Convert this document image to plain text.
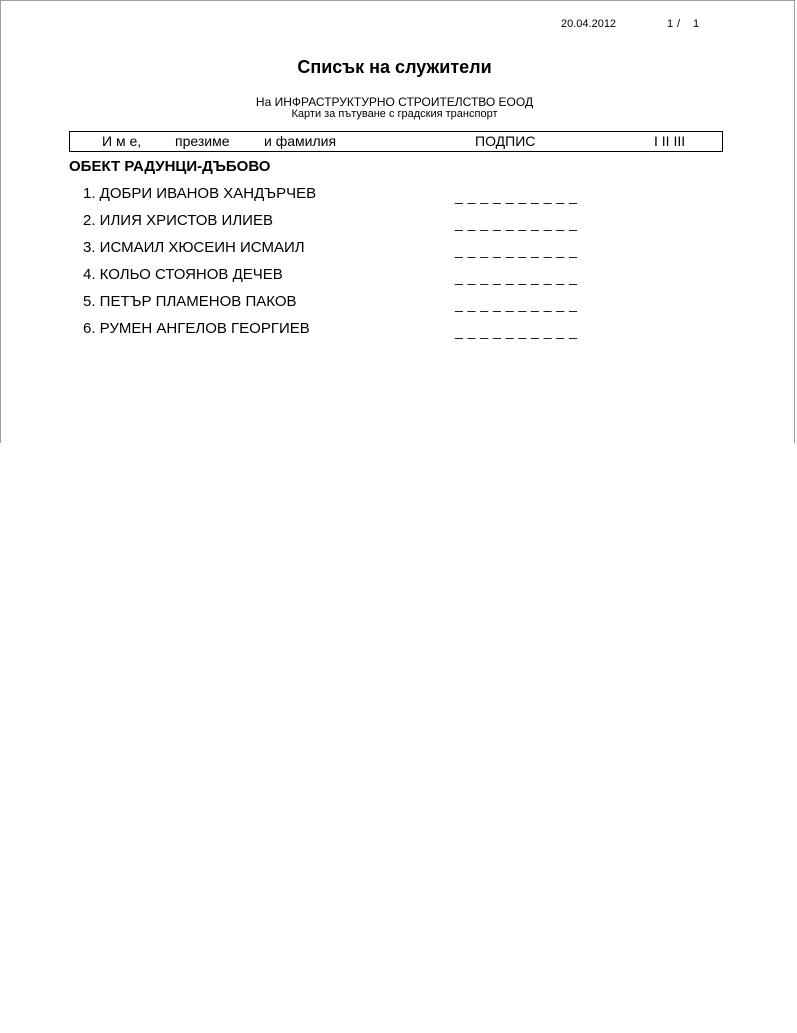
20.04.2012	1 / 1
Списък на служители
На ИНФРАСТРУКТУРНО СТРОИТЕЛСТВО ЕООД
Карти за пътуване с градския транспорт
И м е, презиме и фамилия	ПОДПИС	I II III
ОБЕКТ РАДУНЦИ-ДЪБОВО
1. ДОБРИ ИВАНОВ ХАНДЪРЧЕВ	_ _ _ _ _ _ _ _ _ _
2. ИЛИЯ ХРИСТОВ ИЛИЕВ	_ _ _ _ _ _ _ _ _ _
3. ИСМАИЛ ХЮСЕИН ИСМАИЛ	_ _ _ _ _ _ _ _ _ _
4. КОЛЬО СТОЯНОВ ДЕЧЕВ	_ _ _ _ _ _ _ _ _ _
5. ПЕТЪР ПЛАМЕНОВ ПАКОВ	_ _ _ _ _ _ _ _ _ _
6. РУМЕН АНГЕЛОВ ГЕОРГИЕВ	_ _ _ _ _ _ _ _ _ _
